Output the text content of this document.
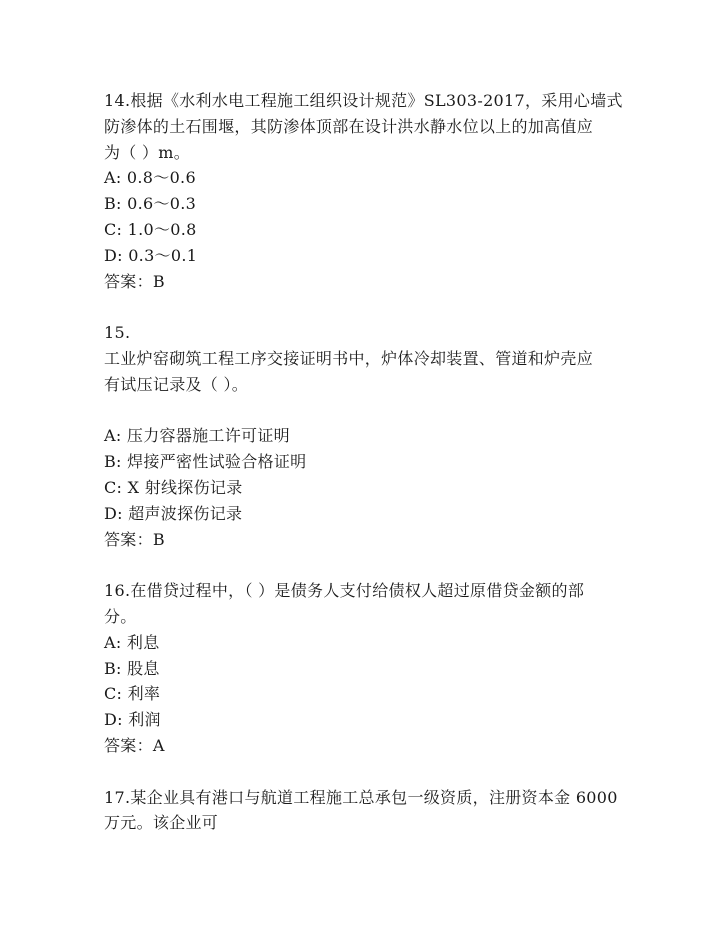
14.根据《水利水电工程施工组织设计规范》SL303-2017，采用心墙式
防渗体的土石围堰，其防渗体顶部在设计洪水静水位以上的加高值应
为（ ）m。
A: 0.8～0.6
B: 0.6～0.3
C: 1.0～0.8
D: 0.3～0.1
答案：B
15.
工业炉窑砌筑工程工序交接证明书中，炉体冷却装置、管道和炉壳应
有试压记录及（ ）。
A: 压力容器施工许可证明
B: 焊接严密性试验合格证明
C: X 射线探伤记录
D: 超声波探伤记录
答案：B
16.在借贷过程中，（ ）是债务人支付给债权人超过原借贷金额的部
分。
A: 利息
B: 股息
C: 利率
D: 利润
答案：A
17.某企业具有港口与航道工程施工总承包一级资质，注册资本金 6000
万元。该企业可
